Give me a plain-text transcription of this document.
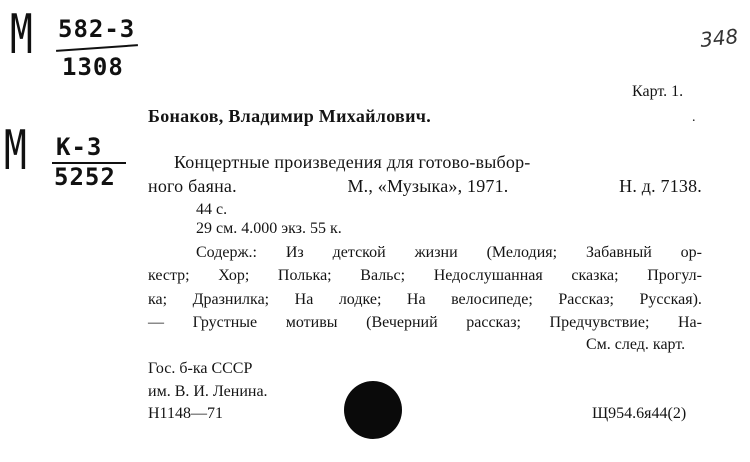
М 582-3
1308
М К-3
5252
348
Карт. 1.
Бонаков, Владимир Михайлович.	.
Концертные произведения для готово-выбор-
ного баяна.	М., «Музыка», 1971.	Н. д. 7138.
44 с.
29 см. 4.000 экз. 55 к.
Содерж.: Из детской жизни (Мелодия; Забавный ор-
кестр; Хор; Полька; Вальс; Недослушанная сказка; Прогул-
ка; Дразнилка; На лодке; На велосипеде; Рассказ; Русская).
— Грустные мотивы (Вечерний рассказ; Предчувствие; На-
См. след. карт.
Гос. б-ка СССР
им. В. И. Ленина.
Н1148—71	Щ954.6я44(2)
